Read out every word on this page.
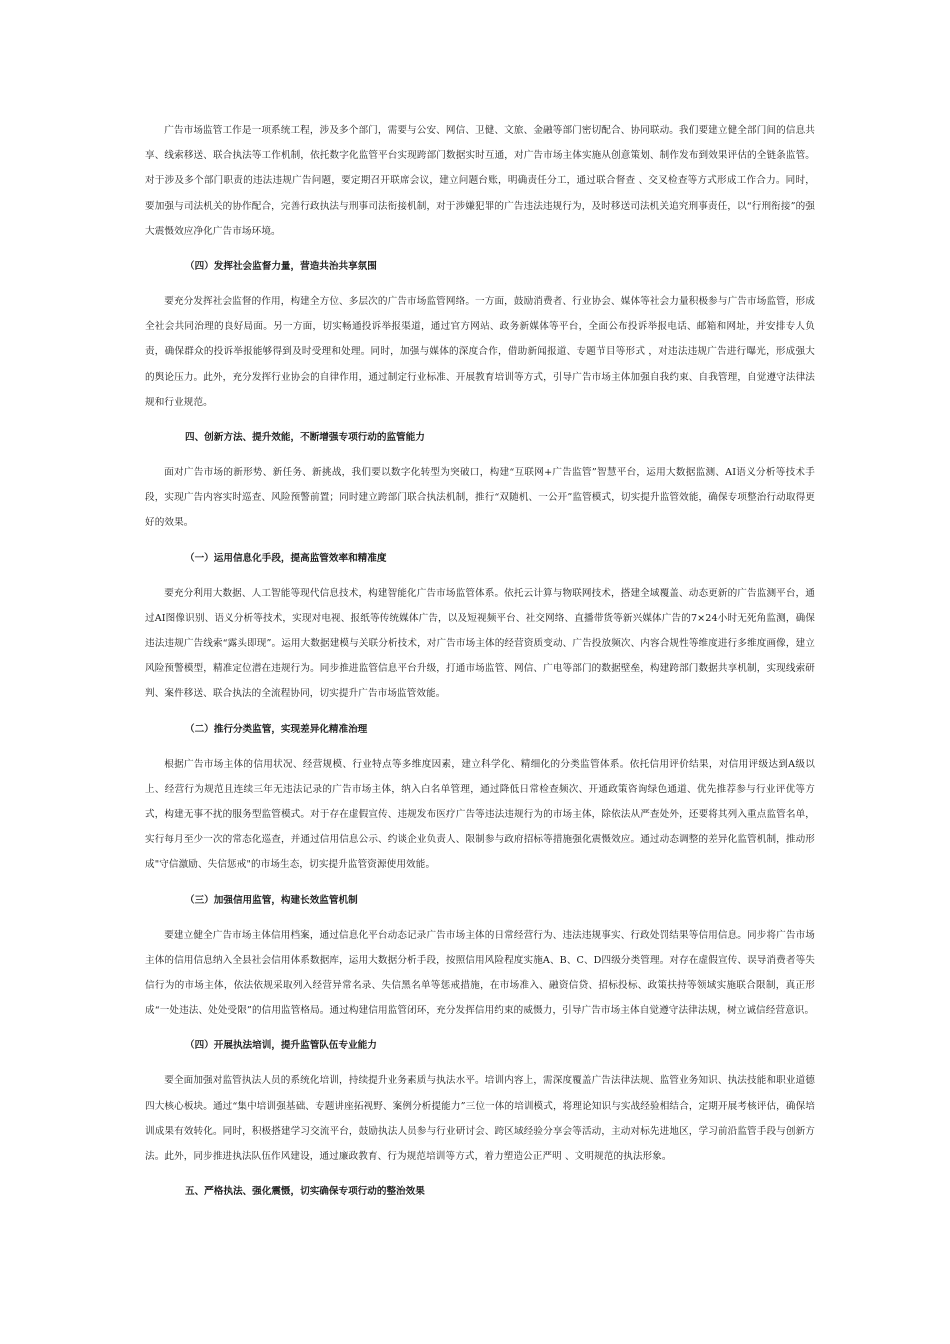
广告市场监管工作是一项系统工程，涉及多个部门，需要与公安、网信、卫健、文旅、金融等部门密切配合、协同联动。我们要建立健全部门间的信息共享、线索移送、联合执法等工作机制，依托数字化监管平台实现跨部门数据实时互通，对广告市场主体实施从创意策划、制作发布到效果评估的全链条监管。对于涉及多个部门职责的违法违规广告问题，要定期召开联席会议，建立问题台账，明确责任分工，通过联合督查 、交叉检查等方式形成工作合力。同时，要加强与司法机关的协作配合，完善行政执法与刑事司法衔接机制，对于涉嫌犯罪的广告违法违规行为，及时移送司法机关追究刑事责任，以“行刑衔接”的强大震慑效应净化广告市场环境。

（四）发挥社会监督力量，营造共治共享氛围

要充分发挥社会监督的作用，构建全方位、多层次的广告市场监管网络。一方面，鼓励消费者、行业协会、媒体等社会力量积极参与广告市场监管，形成全社会共同治理的良好局面。另一方面，切实畅通投诉举报渠道，通过官方网站、政务新媒体等平台，全面公布投诉举报电话、邮箱和网址，并安排专人负责，确保群众的投诉举报能够得到及时受理和处理。同时，加强与媒体的深度合作，借助新闻报道、专题节目等形式 ，对违法违规广告进行曝光，形成强大的舆论压力。此外，充分发挥行业协会的自律作用，通过制定行业标准、开展教育培训等方式，引导广告市场主体加强自我约束、自我管理，自觉遵守法律法规和行业规范。

四、创新方法、提升效能，不断增强专项行动的监管能力

面对广告市场的新形势、新任务、新挑战，我们要以数字化转型为突破口，构建“互联网+广告监管”智慧平台，运用大数据监测、AI语义分析等技术手段，实现广告内容实时巡查、风险预警前置；同时建立跨部门联合执法机制，推行“双随机、一公开”监管模式，切实提升监管效能，确保专项整治行动取得更好的效果。

（一）运用信息化手段，提高监管效率和精准度

要充分利用大数据、人工智能等现代信息技术，构建智能化广告市场监管体系。依托云计算与物联网技术，搭建全域覆盖、动态更新的广告监测平台，通过AI图像识别、语义分析等技术，实现对电视、报纸等传统媒体广告，以及短视频平台、社交网络、直播带货等新兴媒体广告的7×24小时无死角监测，确保违法违规广告线索“露头即现”。运用大数据建模与关联分析技术，对广告市场主体的经营资质变动、广告投放频次、内容合规性等维度进行多维度画像，建立风险预警模型，精准定位潜在违规行为。同步推进监管信息平台升级，打通市场监管、网信、广电等部门的数据壁垒，构建跨部门数据共享机制，实现线索研判、案件移送、联合执法的全流程协同，切实提升广告市场监管效能。

（二）推行分类监管，实现差异化精准治理

根据广告市场主体的信用状况、经营规模、行业特点等多维度因素，建立科学化、精细化的分类监管体系。依托信用评价结果，对信用评级达到A级以上、经营行为规范且连续三年无违法记录的广告市场主体，纳入白名单管理，通过降低日常检查频次、开通政策咨询绿色通道、优先推荐参与行业评优等方式，构建无事不扰的服务型监管模式。对于存在虚假宣传、违规发布医疗广告等违法违规行为的市场主体，除依法从严查处外，还要将其列入重点监管名单，实行每月至少一次的常态化巡查，并通过信用信息公示、约谈企业负责人、限制参与政府招标等措施强化震慑效应。通过动态调整的差异化监管机制，推动形成"守信激励、失信惩戒"的市场生态，切实提升监管资源使用效能。

（三）加强信用监管，构建长效监管机制

要建立健全广告市场主体信用档案，通过信息化平台动态记录广告市场主体的日常经营行为、违法违规事实、行政处罚结果等信用信息。同步将广告市场主体的信用信息纳入全县社会信用体系数据库，运用大数据分析手段，按照信用风险程度实施A、B、C、D四级分类管理。对存在虚假宣传、误导消费者等失信行为的市场主体，依法依规采取列入经营异常名录、失信黑名单等惩戒措施，在市场准入、融资信贷、招标投标、政策扶持等领域实施联合限制，真正形成“一处违法、处处受限”的信用监管格局。通过构建信用监管闭环，充分发挥信用约束的威慑力，引导广告市场主体自觉遵守法律法规，树立诚信经营意识。

（四）开展执法培训，提升监管队伍专业能力

要全面加强对监管执法人员的系统化培训，持续提升业务素质与执法水平。培训内容上，需深度覆盖广告法律法规、监管业务知识、执法技能和职业道德四大核心板块。通过“集中培训强基础、专题讲座拓视野、案例分析提能力”三位一体的培训模式，将理论知识与实战经验相结合，定期开展考核评估，确保培训成果有效转化。同时，积极搭建学习交流平台，鼓励执法人员参与行业研讨会、跨区域经验分享会等活动，主动对标先进地区，学习前沿监管手段与创新方法。此外，同步推进执法队伍作风建设，通过廉政教育、行为规范培训等方式，着力塑造公正严明 、文明规范的执法形象。

五、严格执法、强化震慑，切实确保专项行动的整治效果
